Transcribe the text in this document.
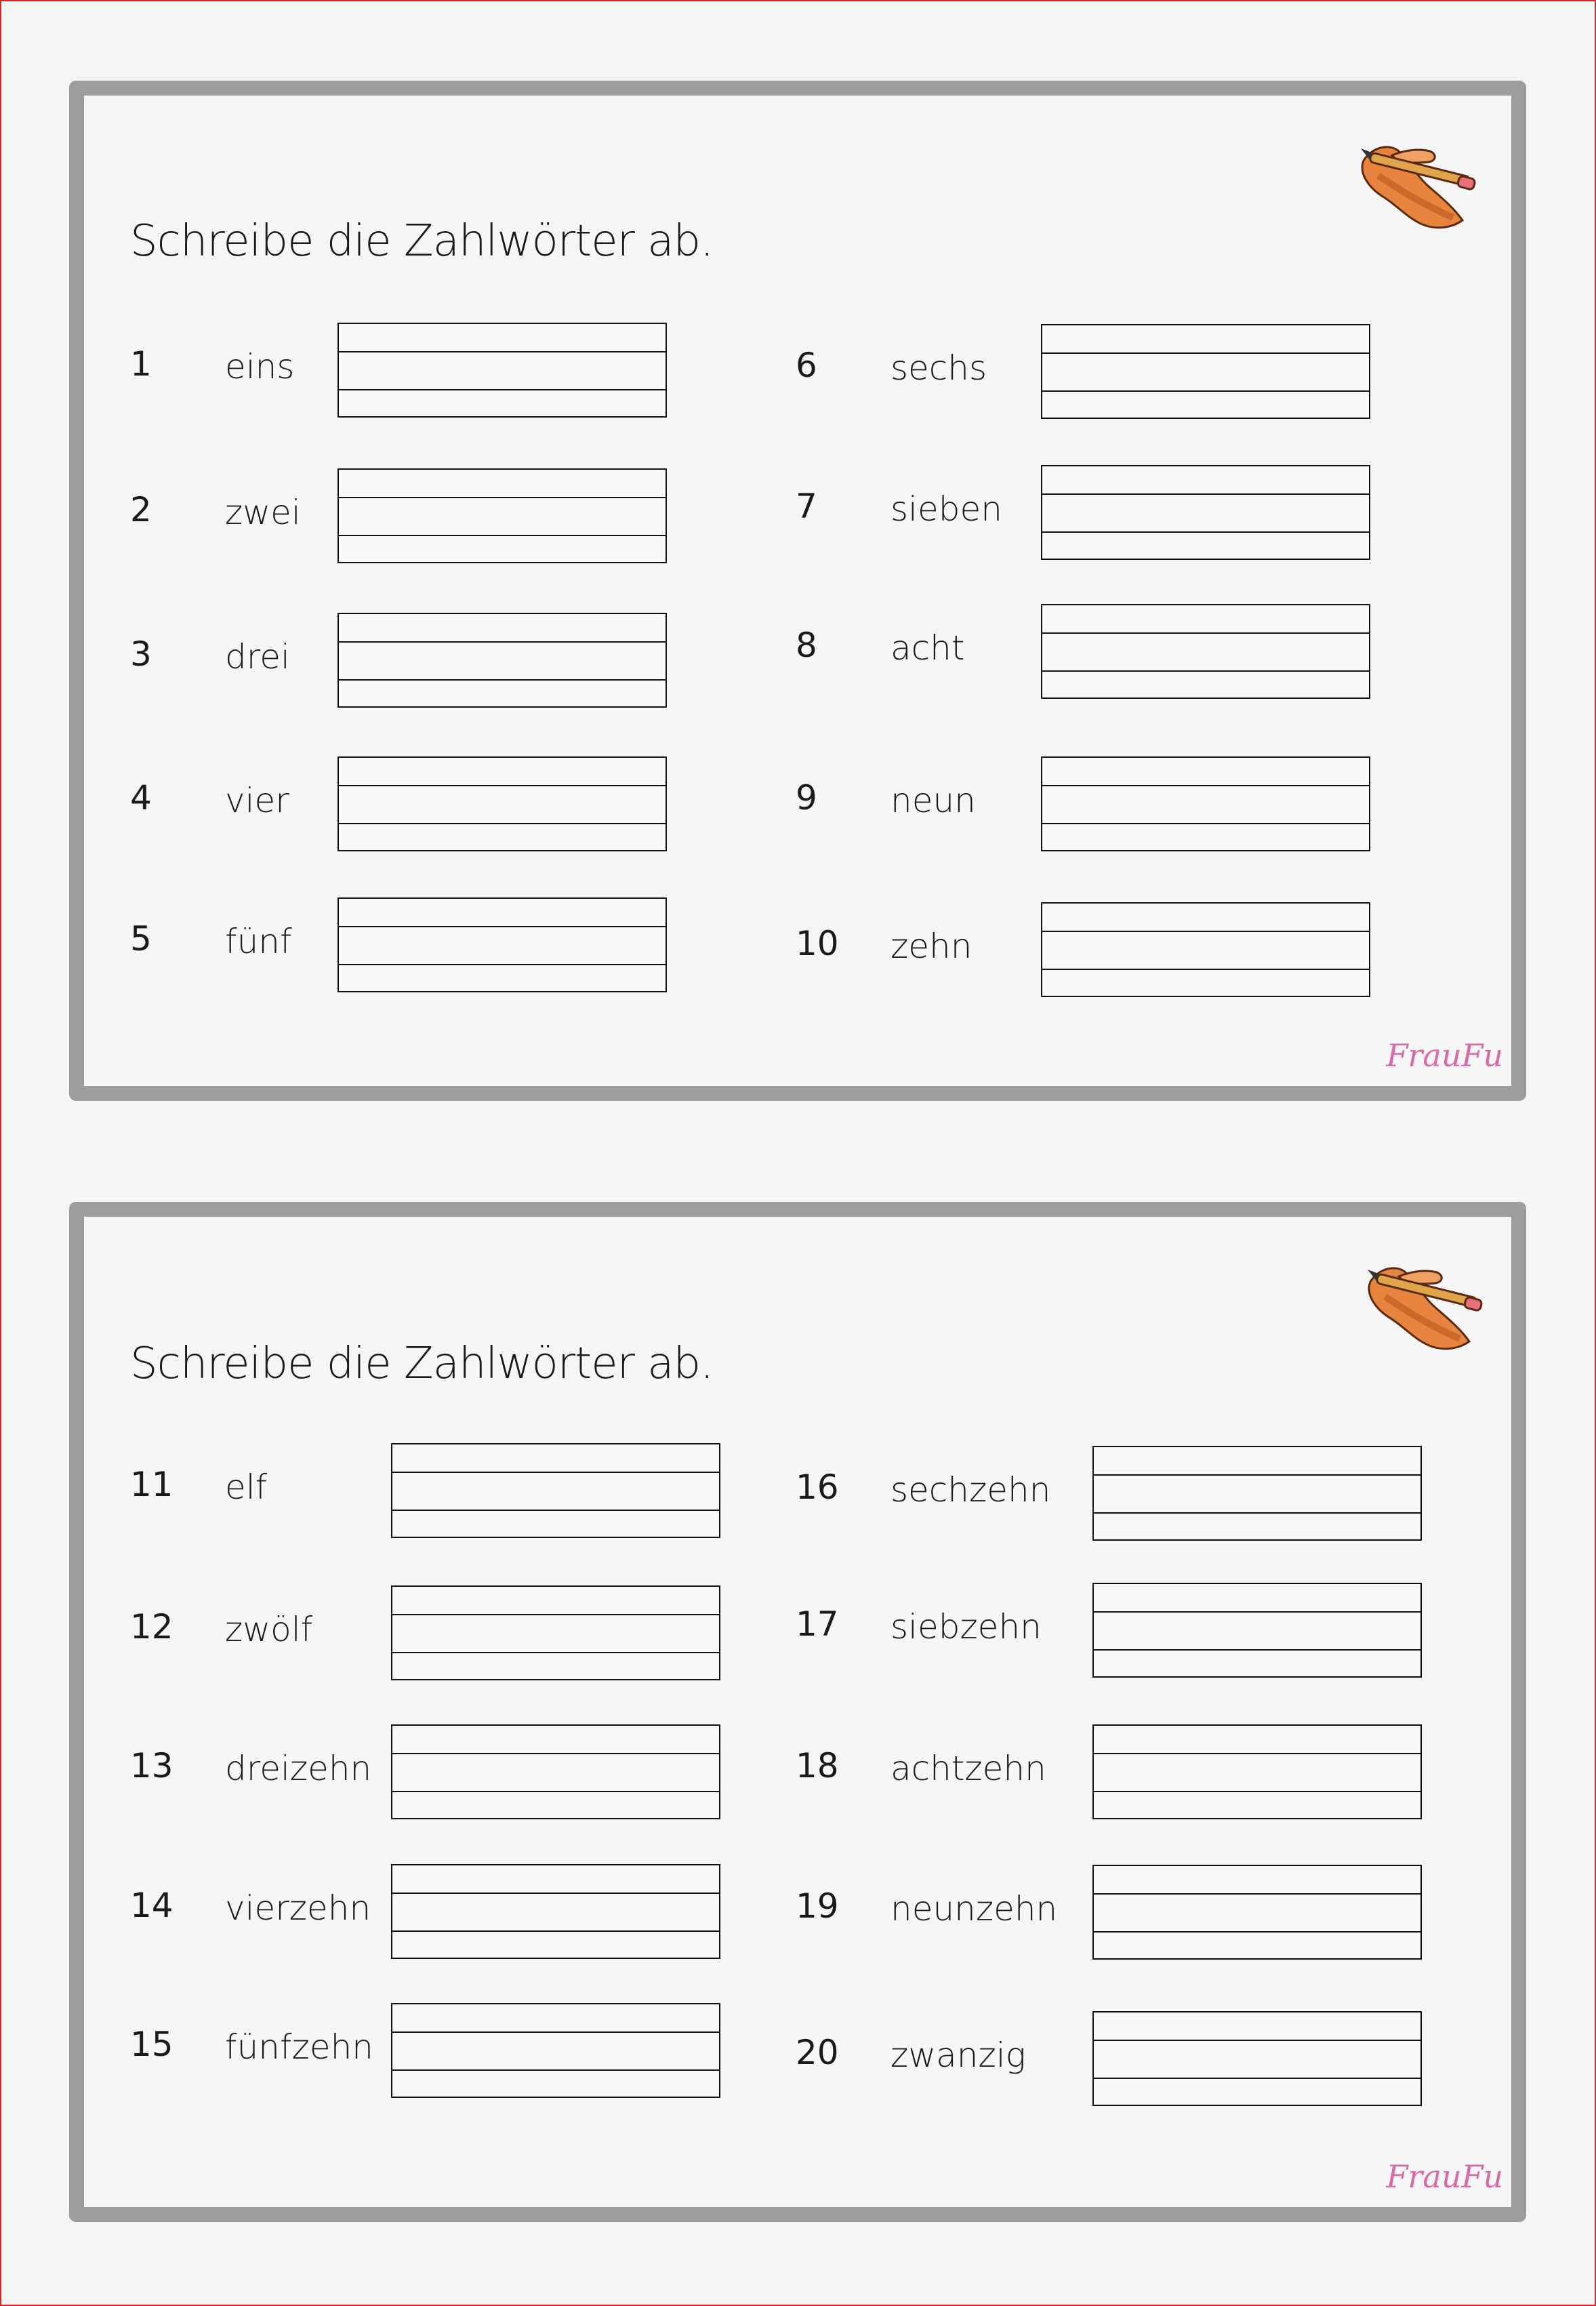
Schreibe die Zahlwörter ab.
1 eins
2 zwei
3 drei
4 vier
5 fünf
6 sechs
7 sieben
8 acht
9 neun
10 zehn
FrauFu
Schreibe die Zahlwörter ab.
11 elf
12 zwölf
13 dreizehn
14 vierzehn
15 fünfzehn
16 sechzehn
17 siebzehn
18 achtzehn
19 neunzehn
20 zwanzig
FrauFu
